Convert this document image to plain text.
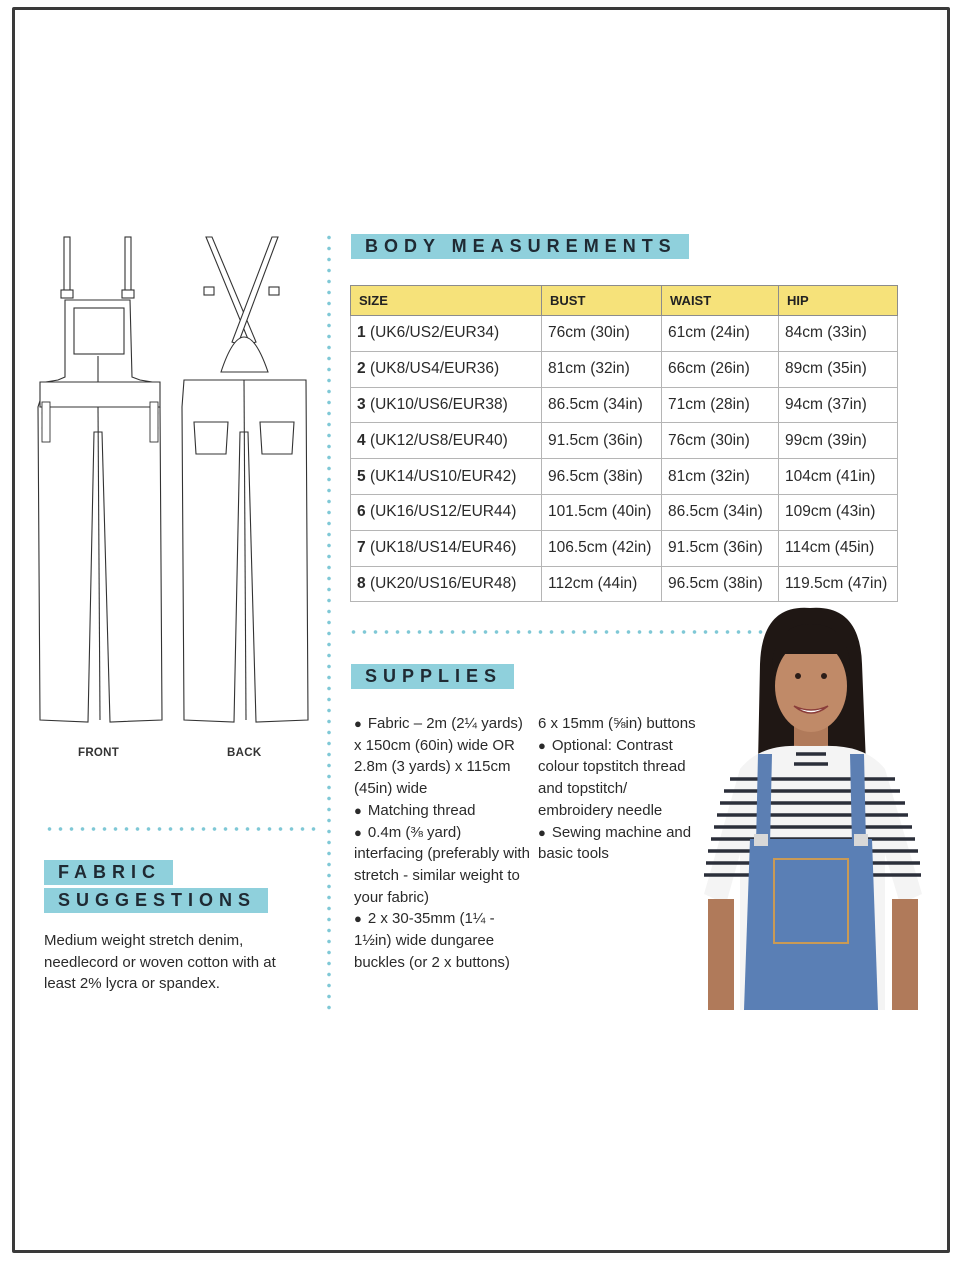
FRONT	BACK
BODY MEASUREMENTS
SIZE	BUST	WAIST	HIP
1 (UK6/US2/EUR34)	76cm (30in)	61cm (24in)	84cm (33in)
2 (UK8/US4/EUR36)	81cm (32in)	66cm (26in)	89cm (35in)
3 (UK10/US6/EUR38)	86.5cm (34in)	71cm (28in)	94cm (37in)
4 (UK12/US8/EUR40)	91.5cm (36in)	76cm (30in)	99cm (39in)
5 (UK14/US10/EUR42)	96.5cm (38in)	81cm (32in)	104cm (41in)
6 (UK16/US12/EUR44)	101.5cm (40in)	86.5cm (34in)	109cm (43in)
7 (UK18/US14/EUR46)	106.5cm (42in)	91.5cm (36in)	114cm (45in)
8 (UK20/US16/EUR48)	112cm (44in)	96.5cm (38in)	119.5cm (47in)
SUPPLIES

● Fabric – 2m (2¼ yards) x 150cm (60in) wide OR 2.8m (3 yards) x 115cm (45in) wide

● Matching thread

● 0.4m (⅜ yard) interfacing (preferably with stretch - similar weight to your fabric)

● 2 x 30-35mm (1¼ - 1½in) wide dungaree buckles (or 2 x buttons)

6 x 15mm (⅝in) buttons

● Optional: Contrast colour topstitch thread and topstitch/ embroidery needle

● Sewing machine and basic tools

FABRIC
SUGGESTIONS
Medium weight stretch denim, needlecord or woven cotton with at least 2% lycra or spandex.
